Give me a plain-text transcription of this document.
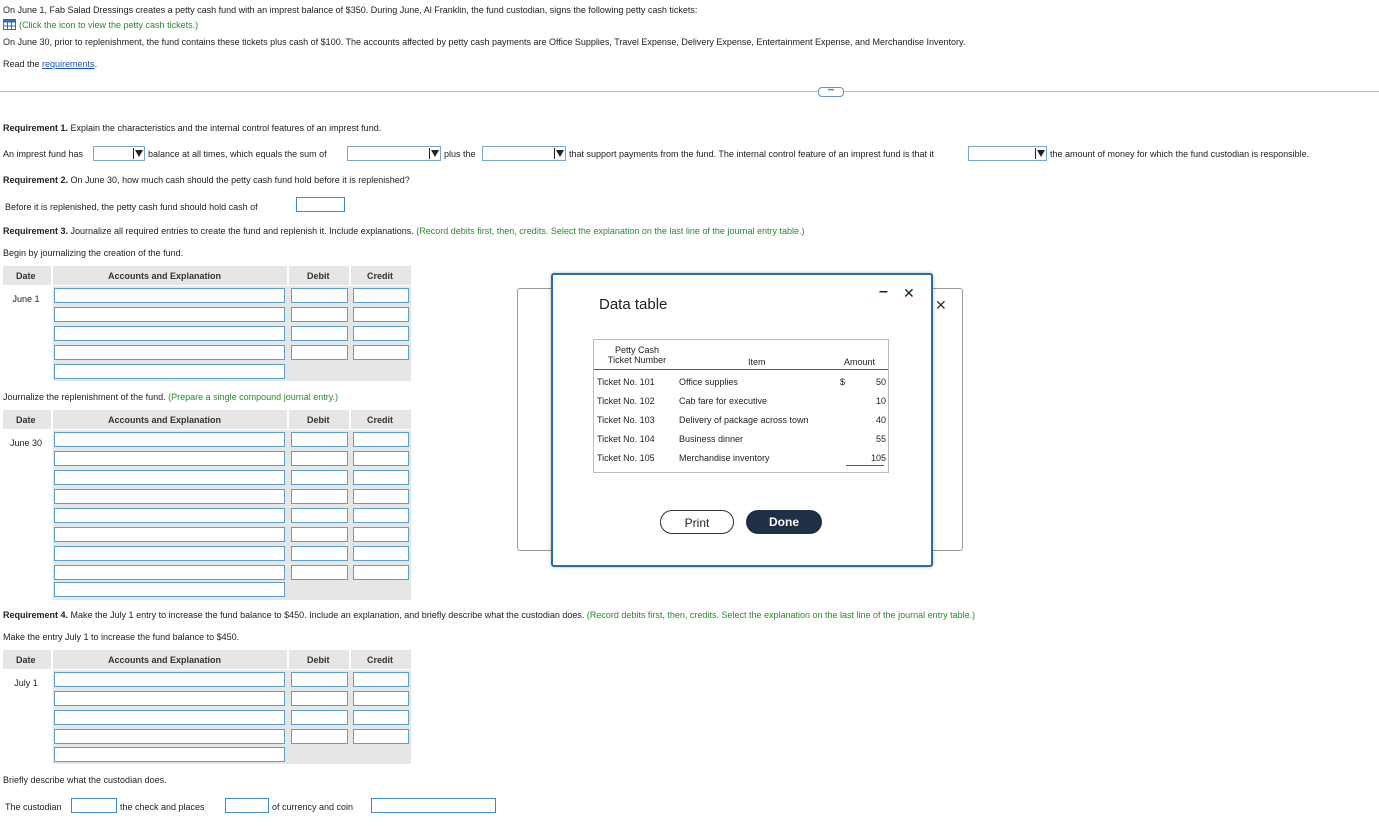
On June 1, Fab Salad Dressings creates a petty cash fund with an imprest balance of $350. During June, Al Franklin, the fund custodian, signs the following petty cash tickets:
(Click the icon to view the petty cash tickets.)
On June 30, prior to replenishment, the fund contains these tickets plus cash of $100. The accounts affected by petty cash payments are Office Supplies, Travel Expense, Delivery Expense, Entertainment Expense, and Merchandise Inventory.
Read the requirements.
•••
Requirement 1. Explain the characteristics and the internal control features of an imprest fund.
An imprest fund has	balance at all times, which equals the sum of	plus the	that support payments from the fund. The internal control feature of an imprest fund is that it	the amount of money for which the fund custodian is responsible.
Requirement 2. On June 30, how much cash should the petty cash fund hold before it is replenished?
Before it is replenished, the petty cash fund should hold cash of
Requirement 3. Journalize all required entries to create the fund and replenish it. Include explanations. (Record debits first, then, credits. Select the explanation on the last line of the journal entry table.)
Begin by journalizing the creation of the fund.
Date	Accounts and Explanation	Debit	Credit
June 1
Journalize the replenishment of the fund. (Prepare a single compound journal entry.)
Date	Accounts and Explanation	Debit	Credit
June 30
Requirement 4. Make the July 1 entry to increase the fund balance to $450. Include an explanation, and briefly describe what the custodian does. (Record debits first, then, credits. Select the explanation on the last line of the journal entry table.)
Make the entry July 1 to increase the fund balance to $450.
Date	Accounts and Explanation	Debit	Credit
July 1
Briefly describe what the custodian does.
The custodian	the check and places	of currency and coin
✕
Data table
– ✕
Petty Cash
Ticket Number	Item	Amount
Ticket No. 101	Office supplies	$	50
Ticket No. 102	Cab fare for executive	10
Ticket No. 103	Delivery of package across town	40
Ticket No. 104	Business dinner	55
Ticket No. 105	Merchandise inventory	105
Print	Done
